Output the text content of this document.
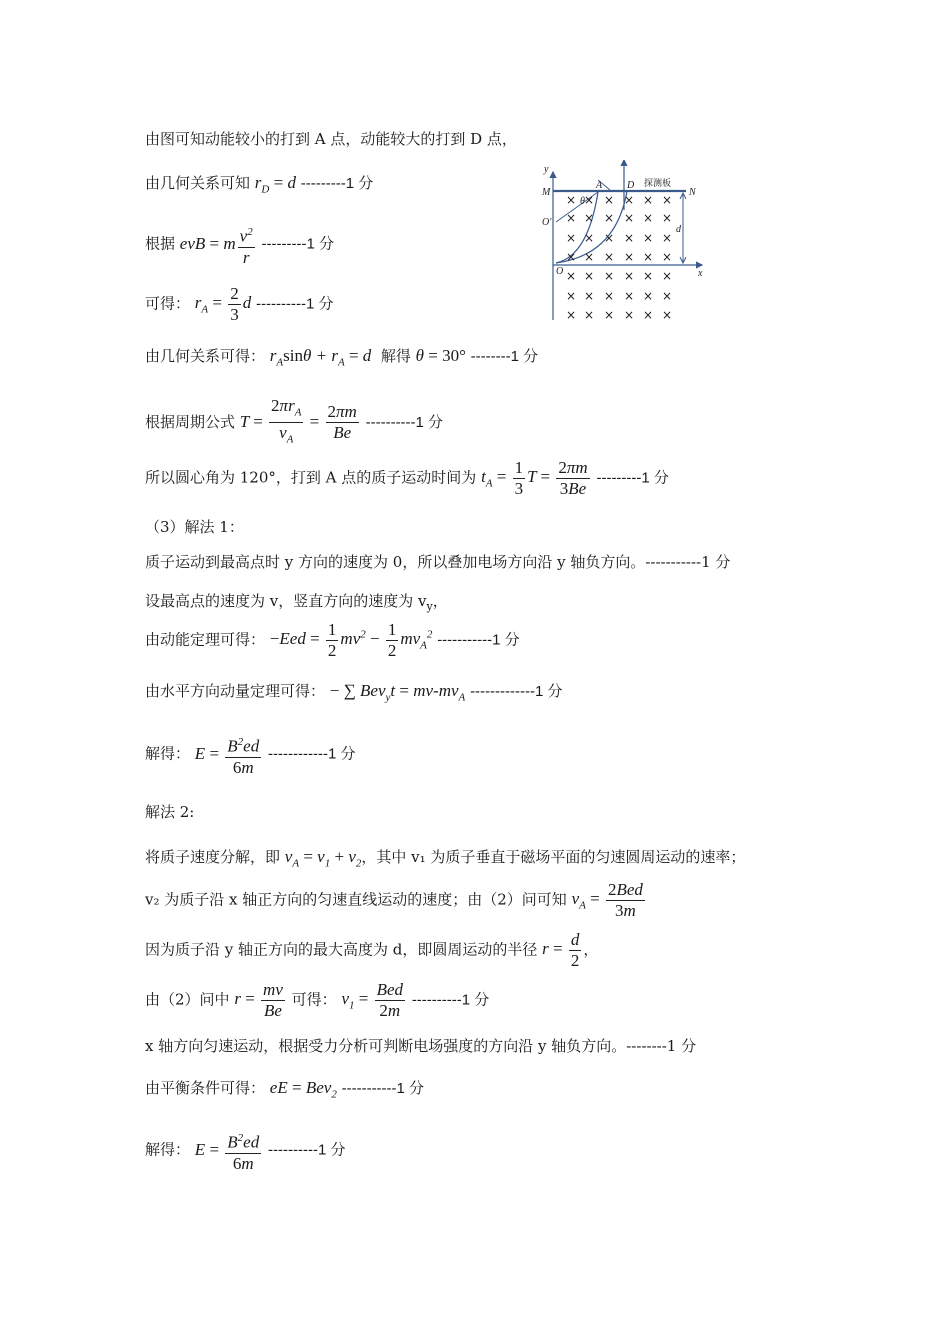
由图可知动能较小的打到 A 点，动能较大的打到 D 点，
由几何关系可知 $r_D = d$ ---------1 分
根据 evB = m $\frac{v^2}{r} ---------1$ 分
可得： $r_A = \frac{2}{3}$ d ----------1 分
由几何关系可得： $r_A\sin\theta + r_A = d$ 解得 θ = 30° --------1 分
根据周期公式 $T = \frac{2\pi r_A}{v_A} = \frac{2\pi m}{Be} ----------1$ 分
所以圆心角为 120°，打到 A 点的质子运动时间为 $t_A = \frac{1}{3}$ $T = \frac{2\pi m}{3Be} ---------1$ 分
（3）解法 1：
质子运动到最高点时 y 方向的速度为 0，所以叠加电场方向沿 y 轴负方向。-----------1 分
设最高点的速度为 v，竖直方向的速度为 $v_y$，
由动能定理可得： $-Eed = \frac{1}{2} mv^2 - \frac{1}{2} mv_A^2$ -----------1 分
由水平方向动量定理可得： − ∑ $Bev_yt = mv-mv_A$ -------------1 分
解得： $E = \frac{B^2ed}{6m} ------------1$ 分
解法 2:
将质子速度分解，即 $v_A = v_1 + v_2$，其中 v₁ 为质子垂直于磁场平面的匀速圆周运动的速率；
v₂ 为质子沿 x 轴正方向的匀速直线运动的速度；由（2）问可知 $v_A = \frac{\text{2Bed}}{3m}$
因为质子沿 y 轴正方向的最大高度为 d，即圆周运动的半径 $r = \frac{d}{2}$ ，
由（2）问中 $r = \frac{mv}{Be}$ 可得： $v_1 = \frac{\text{Bed}}{2m} ----------1$ 分
x 轴方向匀速运动，根据受力分析可判断电场强度的方向沿 y 轴负方向。--------1 分
由平衡条件可得： eE = Bev$_2$ -----------1 分
解得： $E = \frac{B^2ed}{6m} ----------1$ 分
× × × × × ×
× × × × × ×
× × × × × ×
× × × × × ×
× × × × × ×
× × × × × ×
× × × × × ×
y
x
M	N
A D
O'
O
θ
d
探测板
